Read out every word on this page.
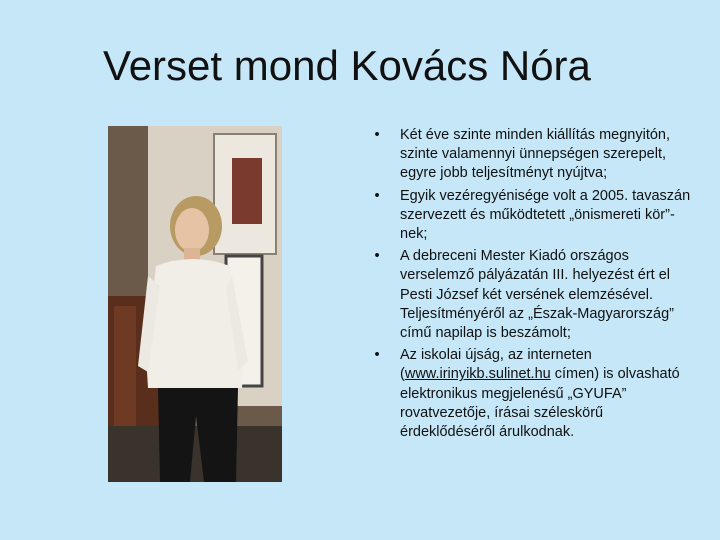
Verset mond Kovács Nóra
• Két éve szinte minden kiállítás megnyitón, szinte valamennyi ünnepségen szerepelt, egyre jobb teljesítményt nyújtva;
• Egyik vezéregyénisége volt a 2005. tavaszán szervezett és működtetett „önismereti kör”-nek;
• A debreceni Mester Kiadó országos verselemző pályázatán III. helyezést ért el Pesti József két versének elemzésével. Teljesítményéről az „Észak-Magyarország” című napilap is beszámolt;
• Az iskolai újság, az interneten (www.irinyikb.sulinet.hu címen) is olvasható elektronikus megjelenésű „GYUFA” rovatvezetője, írásai széleskörű érdeklődéséről árulkodnak.
